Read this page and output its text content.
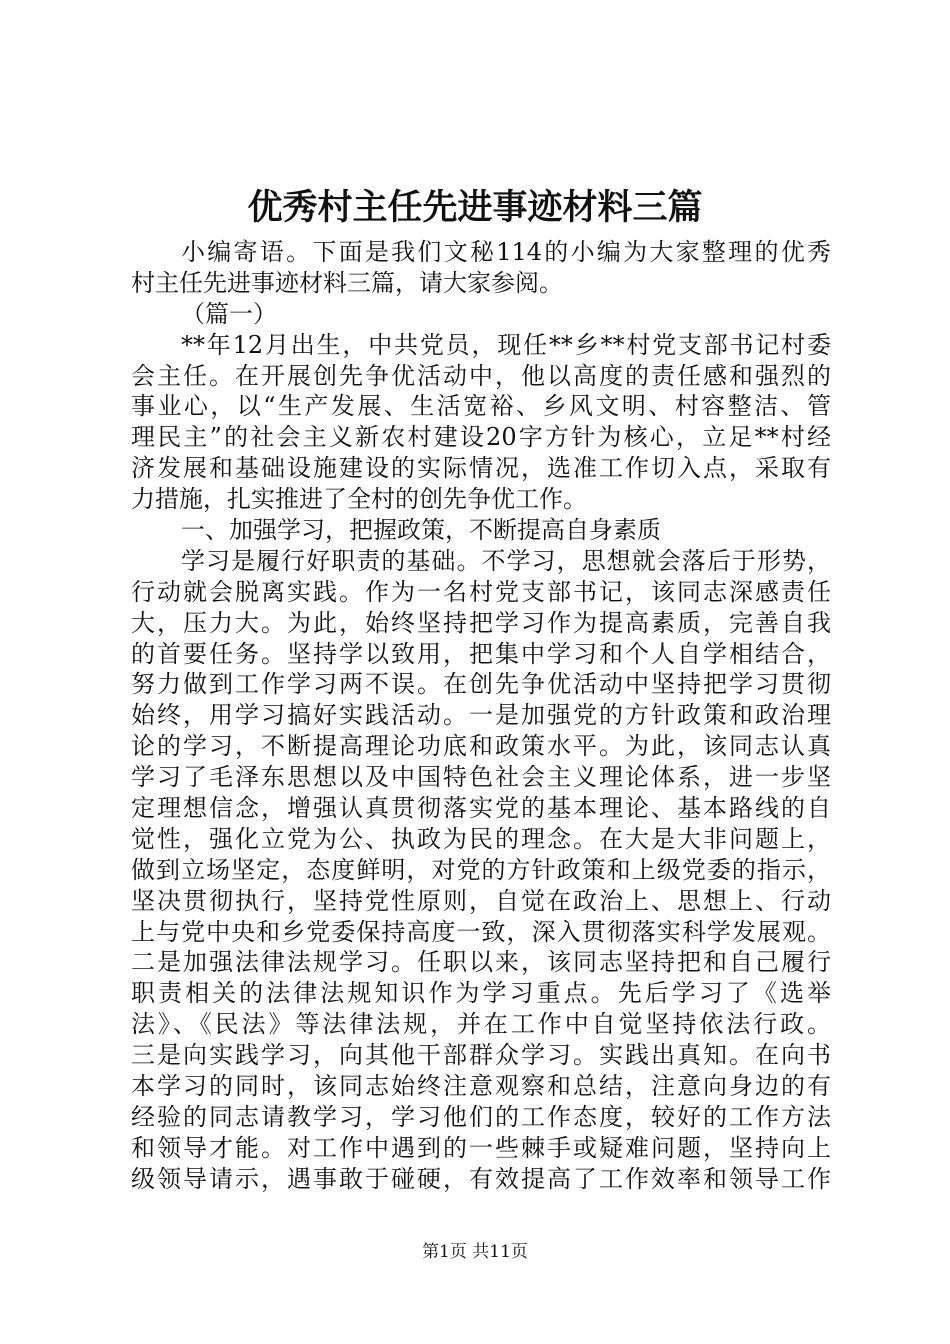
优秀村主任先进事迹材料三篇

小编寄语。下面是我们文秘114的小编为大家整理的优秀

村主任先进事迹材料三篇，请大家参阅。

（篇一）

**年12月出生，中共党员，现任**乡**村党支部书记村委

会主任。在开展创先争优活动中，他以高度的责任感和强烈的

事业心，以“生产发展、生活宽裕、乡风文明、村容整洁、管

理民主”的社会主义新农村建设20字方针为核心，立足**村经

济发展和基础设施建设的实际情况，选准工作切入点，采取有

力措施，扎实推进了全村的创先争优工作。

一、加强学习，把握政策，不断提高自身素质

学习是履行好职责的基础。不学习，思想就会落后于形势，

行动就会脱离实践。作为一名村党支部书记，该同志深感责任

大，压力大。为此，始终坚持把学习作为提高素质，完善自我

的首要任务。坚持学以致用，把集中学习和个人自学相结合，

努力做到工作学习两不误。在创先争优活动中坚持把学习贯彻

始终，用学习搞好实践活动。一是加强党的方针政策和政治理

论的学习，不断提高理论功底和政策水平。为此，该同志认真

学习了毛泽东思想以及中国特色社会主义理论体系，进一步坚

定理想信念，增强认真贯彻落实党的基本理论、基本路线的自

觉性，强化立党为公、执政为民的理念。在大是大非问题上，

做到立场坚定，态度鲜明，对党的方针政策和上级党委的指示，

坚决贯彻执行，坚持党性原则，自觉在政治上、思想上、行动

上与党中央和乡党委保持高度一致，深入贯彻落实科学发展观。

二是加强法律法规学习。任职以来，该同志坚持把和自己履行

职责相关的法律法规知识作为学习重点。先后学习了《选举

法》、《民法》等法律法规，并在工作中自觉坚持依法行政。

三是向实践学习，向其他干部群众学习。实践出真知。在向书

本学习的同时，该同志始终注意观察和总结，注意向身边的有

经验的同志请教学习，学习他们的工作态度，较好的工作方法

和领导才能。对工作中遇到的一些棘手或疑难问题，坚持向上

级领导请示，遇事敢于碰硬，有效提高了工作效率和领导工作

第1页 共11页
